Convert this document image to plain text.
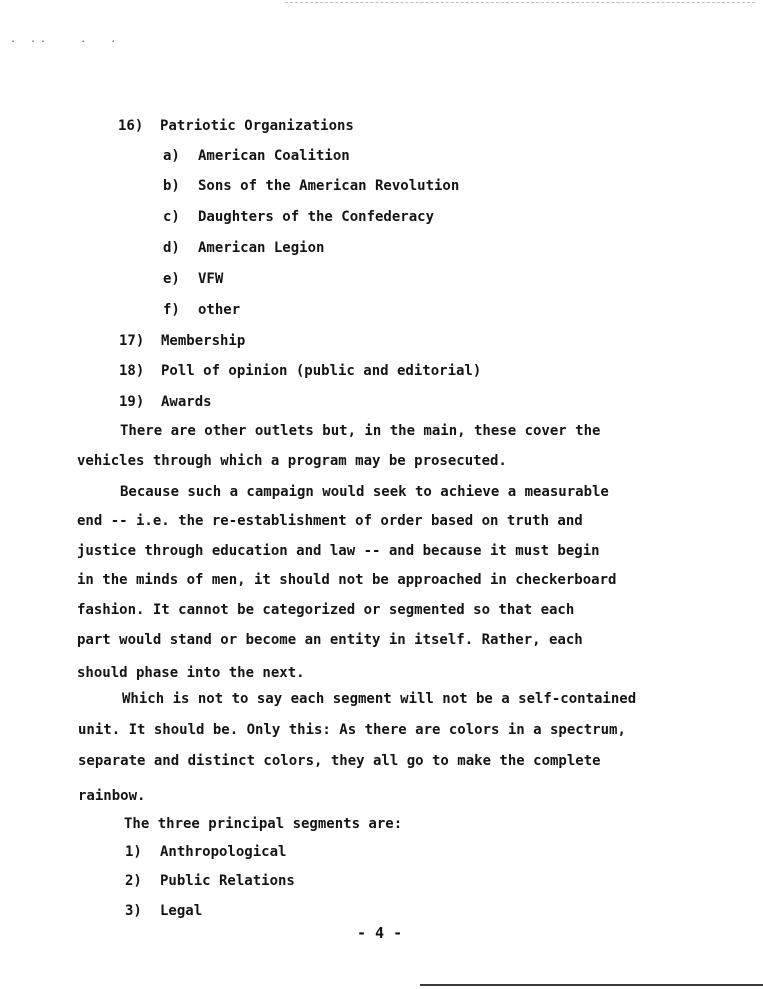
. ..   .  .
16) Patriotic Organizations
a) American Coalition
b) Sons of the American Revolution
c) Daughters of the Confederacy
d) American Legion
e) VFW
f) other
17) Membership
18) Poll of opinion (public and editorial)
19) Awards
There are other outlets but, in the main, these cover the
vehicles through which a program may be prosecuted.
Because such a campaign would seek to achieve a measurable
end -- i.e. the re-establishment of order based on truth and
justice through education and law -- and because it must begin
in the minds of men, it should not be approached in checkerboard
fashion. It cannot be categorized or segmented so that each
part would stand or become an entity in itself. Rather, each
should phase into the next.
Which is not to say each segment will not be a self-contained
unit. It should be. Only this: As there are colors in a spectrum,
separate and distinct colors, they all go to make the complete
rainbow.
The three principal segments are:
1) Anthropological
2) Public Relations
3) Legal
- 4 -
